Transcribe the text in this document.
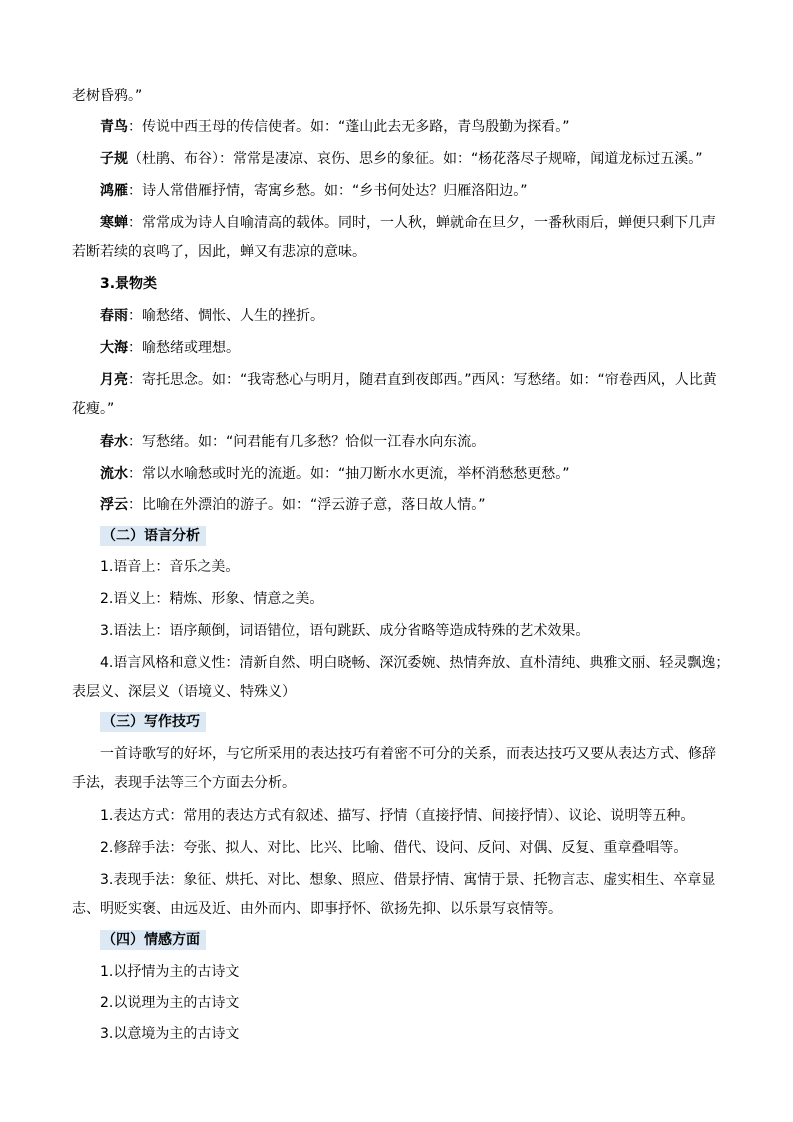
老树昏鸦。”
青鸟：传说中西王母的传信使者。如：“蓬山此去无多路，青鸟殷勤为探看。”
子规（杜鹃、布谷）：常常是凄凉、哀伤、思乡的象征。如：“杨花落尽子规啼，闻道龙标过五溪。”
鸿雁：诗人常借雁抒情，寄寓乡愁。如：“乡书何处达？归雁洛阳边。”
寒蝉：常常成为诗人自喻清高的载体。同时，一人秋，蝉就命在旦夕，一番秋雨后，蝉便只剩下几声
若断若续的哀鸣了，因此，蝉又有悲凉的意味。
3.景物类
春雨：喻愁绪、惆怅、人生的挫折。
大海：喻愁绪或理想。
月亮：寄托思念。如：“我寄愁心与明月，随君直到夜郎西。”西风：写愁绪。如：“帘卷西风，人比黄
花瘦。”
春水：写愁绪。如：“问君能有几多愁？恰似一江春水向东流。
流水：常以水喻愁或时光的流逝。如：“抽刀断水水更流，举杯消愁愁更愁。”
浮云：比喻在外漂泊的游子。如：“浮云游子意，落日故人情。”
（二）语言分析
1.语音上：音乐之美。
2.语义上：精炼、形象、情意之美。
3.语法上：语序颠倒，词语错位，语句跳跃、成分省略等造成特殊的艺术效果。
4.语言风格和意义性：清新自然、明白晓畅、深沉委婉、热情奔放、直朴清纯、典雅文丽、轻灵飘逸；
表层义、深层义（语境义、特殊义）
（三）写作技巧
一首诗歌写的好坏，与它所采用的表达技巧有着密不可分的关系，而表达技巧又要从表达方式、修辞
手法，表现手法等三个方面去分析。
1.表达方式：常用的表达方式有叙述、描写、抒情（直接抒情、间接抒情）、议论、说明等五种。
2.修辞手法：夸张、拟人、对比、比兴、比喻、借代、设问、反问、对偶、反复、重章叠唱等。
3.表现手法：象征、烘托、对比、想象、照应、借景抒情、寓情于景、托物言志、虚实相生、卒章显
志、明贬实褒、由远及近、由外而内、即事抒怀、欲扬先抑、以乐景写哀情等。
（四）情感方面
1.以抒情为主的古诗文
2.以说理为主的古诗文
3.以意境为主的古诗文
